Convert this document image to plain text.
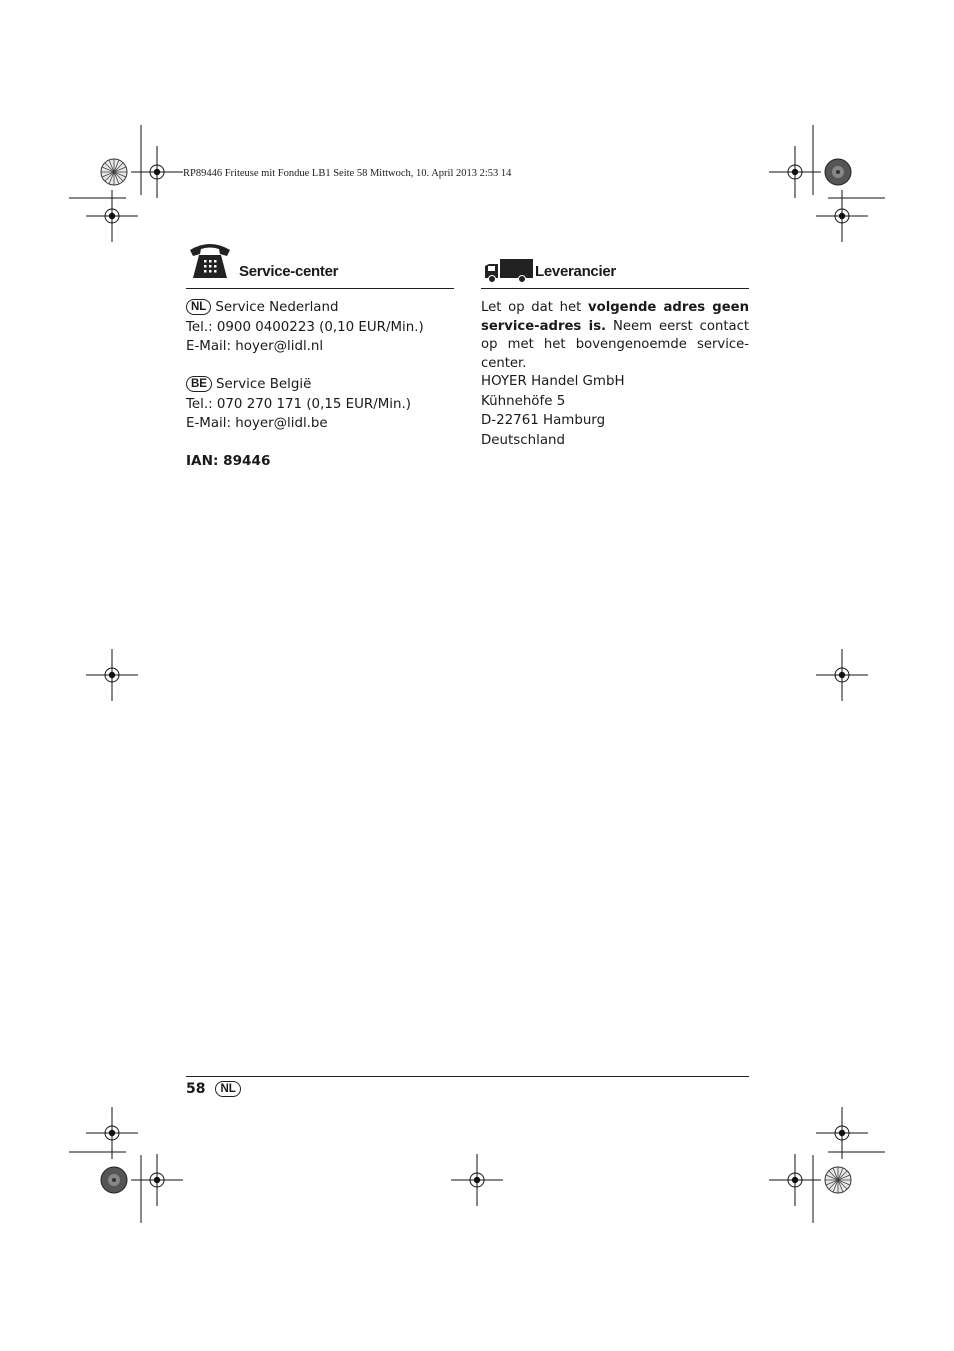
RP89446 Friteuse mit Fondue LB1 Seite 58 Mittwoch, 10. April 2013 2:53 14
Service-center
NL Service Nederland
Tel.: 0900 0400223 (0,10 EUR/Min.)
E-Mail: hoyer@lidl.nl
BE Service België
Tel.: 070 270 171 (0,15 EUR/Min.)
E-Mail: hoyer@lidl.be
IAN: 89446
Leverancier
Let op dat het volgende adres geen service-adres is. Neem eerst contact op met het bovengenoemde service-center.
HOYER Handel GmbH
Kühnehöfe 5
D-22761 Hamburg
Deutschland
58 NL
